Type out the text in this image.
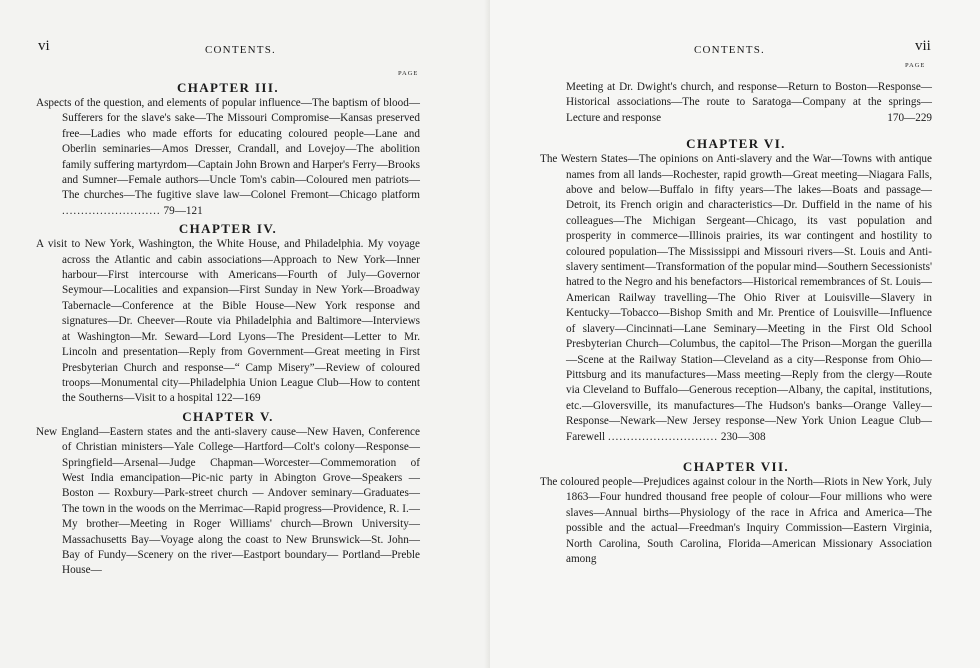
vi	CONTENTS.
PAGE
CHAPTER III.

Aspects of the question, and elements of popular influence—The baptism of blood—Sufferers for the slave's sake—The Missouri Compromise—Kansas preserved free—Ladies who made efforts for educating coloured people—Lane and Oberlin seminaries—Amos Dresser, Crandall, and Lovejoy—The abolition family suffering martyrdom—Captain John Brown and Harper's Ferry—Brooks and Sumner—Female authors—Uncle Tom's cabin—Coloured men patriots—The churches—The fugitive slave law—Colonel Fremont—Chicago platform .......................... 79—121

CHAPTER IV.

A visit to New York, Washington, the White House, and Philadelphia. My voyage across the Atlantic and cabin associations—Approach to New York—Inner harbour—First intercourse with Americans—Fourth of July—Governor Seymour—Localities and expansion—First Sunday in New York—Broadway Tabernacle—Conference at the Bible House—New York response and signatures—Dr. Cheever—Route via Philadelphia and Baltimore—Interviews at Washington—Mr. Seward—Lord Lyons—The President—Letter to Mr. Lincoln and presentation—Reply from Government—Great meeting in First Presbyterian Church and response—“ Camp Misery”—Review of coloured troops—Monumental city—Philadelphia Union League Club—How to content the Southerns—Visit to a hospital 122—169

CHAPTER V.

New England—Eastern states and the anti-slavery cause—New Haven, Conference of Christian ministers—Yale College—Hartford—Colt's colony—Response—Springfield—Arsenal—Judge Chapman—Worcester—Commemoration of West India emancipation—Pic-nic party in Abington Grove—Speakers — Boston — Roxbury—Park-street church — Andover seminary—Graduates—The town in the woods on the Merrimac—Rapid progress—Providence, R. I.—My brother—Meeting in Roger Williams' church—Brown University—Massachusetts Bay—Voyage along the coast to New Brunswick—St. John—Bay of Fundy—Scenery on the river—Eastport boundary— Portland—Preble House—

CONTENTS.	vii
PAGE

Meeting at Dr. Dwight's church, and response—Return to Boston—Response—Historical associations—The route to Saratoga—Company at the springs—Lecture and response	170—229

CHAPTER VI.

The Western States—The opinions on Anti-slavery and the War—Towns with antique names from all lands—Rochester, rapid growth—Great meeting—Niagara Falls, above and below—Buffalo in fifty years—The lakes—Boats and passage—Detroit, its French origin and characteristics—Dr. Duffield in the name of his colleagues—The Michigan Sergeant—Chicago, its vast population and prosperity in commerce—Illinois prairies, its war contingent and hostility to coloured population—The Mississippi and Missouri rivers—St. Louis and Anti-slavery sentiment—Transformation of the popular mind—Southern Secessionists' hatred to the Negro and his benefactors—Historical remembrances of St. Louis—American Railway travelling—The Ohio River at Louisville—Slavery in Kentucky—Tobacco—Bishop Smith and Mr. Prentice of Louisville—Influence of slavery—Cincinnati—Lane Seminary—Meeting in the First Old School Presbyterian Church—Columbus, the capitol—The Prison—Morgan the guerilla—Scene at the Railway Station—Cleveland as a city—Response from Ohio—Pittsburg and its manufactures—Mass meeting—Reply from the clergy—Route via Cleveland to Buffalo—Generous reception—Albany, the capital, institutions, etc.—Gloversville, its manufactures—The Hudson's banks—Orange Valley—Response—Newark—New Jersey response—New York Union League Club—Farewell ............................. 230—308

CHAPTER VII.

The coloured people—Prejudices against colour in the North—Riots in New York, July 1863—Four hundred thousand free people of colour—Four millions who were slaves—Annual births—Physiology of the race in Africa and America—The possible and the actual—Freedman's Inquiry Commission—Eastern Virginia, North Carolina, South Carolina, Florida—American Missionary Association among
